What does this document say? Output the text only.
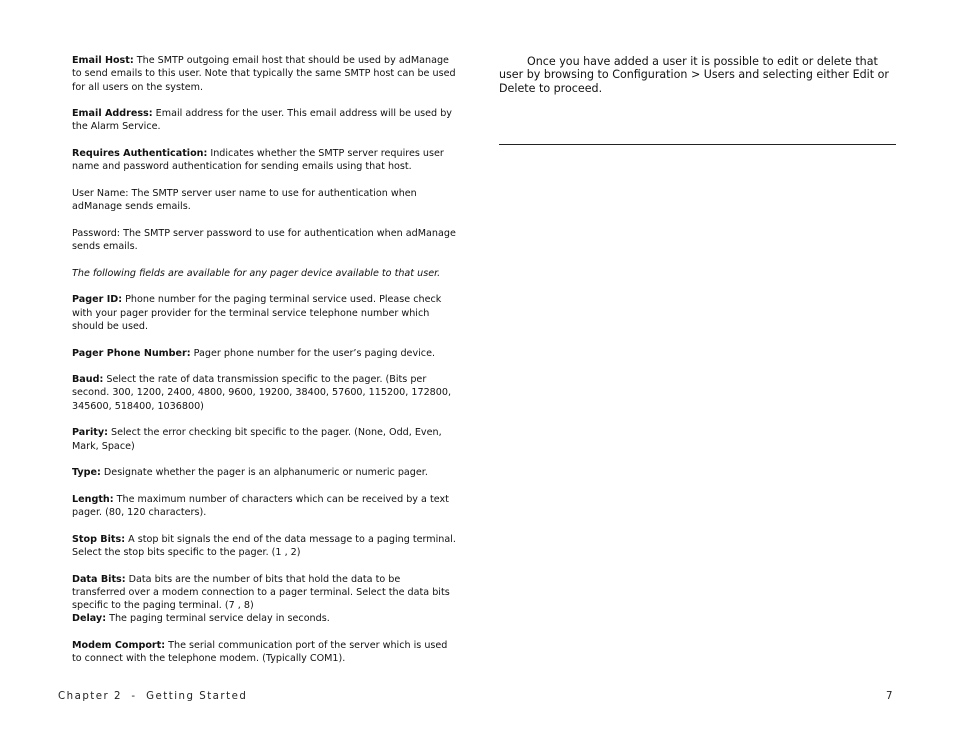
Email Host: The SMTP outgoing email host that should be used by adManage to send emails to this user. Note that typically the same SMTP host can be used for all users on the system.

Email Address: Email address for the user. This email address will be used by the Alarm Service.

Requires Authentication: Indicates whether the SMTP server requires user name and password authentication for sending emails using that host.

User Name: The SMTP server user name to use for authentication when adManage sends emails.

Password: The SMTP server password to use for authentication when adManage sends emails.

The following fields are available for any pager device available to that user.

Pager ID: Phone number for the paging terminal service used. Please check with your pager provider for the terminal service telephone number which should be used.

Pager Phone Number: Pager phone number for the user’s paging device.

Baud: Select the rate of data transmission specific to the pager. (Bits per second. 300, 1200, 2400, 4800, 9600, 19200, 38400, 57600, 115200, 172800, 345600, 518400, 1036800)

Parity: Select the error checking bit specific to the pager. (None, Odd, Even, Mark, Space)

Type: Designate whether the pager is an alphanumeric or numeric pager.

Length: The maximum number of characters which can be received by a text pager. (80, 120 characters).

Stop Bits: A stop bit signals the end of the data message to a paging terminal. Select the stop bits specific to the pager. (1 , 2)

Data Bits: Data bits are the number of bits that hold the data to be transferred over a modem connection to a pager terminal. Select the data bits specific to the paging terminal. (7 , 8)

Delay: The paging terminal service delay in seconds.

Modem Comport: The serial communication port of the server which is used to connect with the telephone modem. (Typically COM1).

Once you have added a user it is possible to edit or delete that user by browsing to Configuration > Users and selecting either Edit or Delete to proceed.

Chapter 2  -  Getting Started	7
